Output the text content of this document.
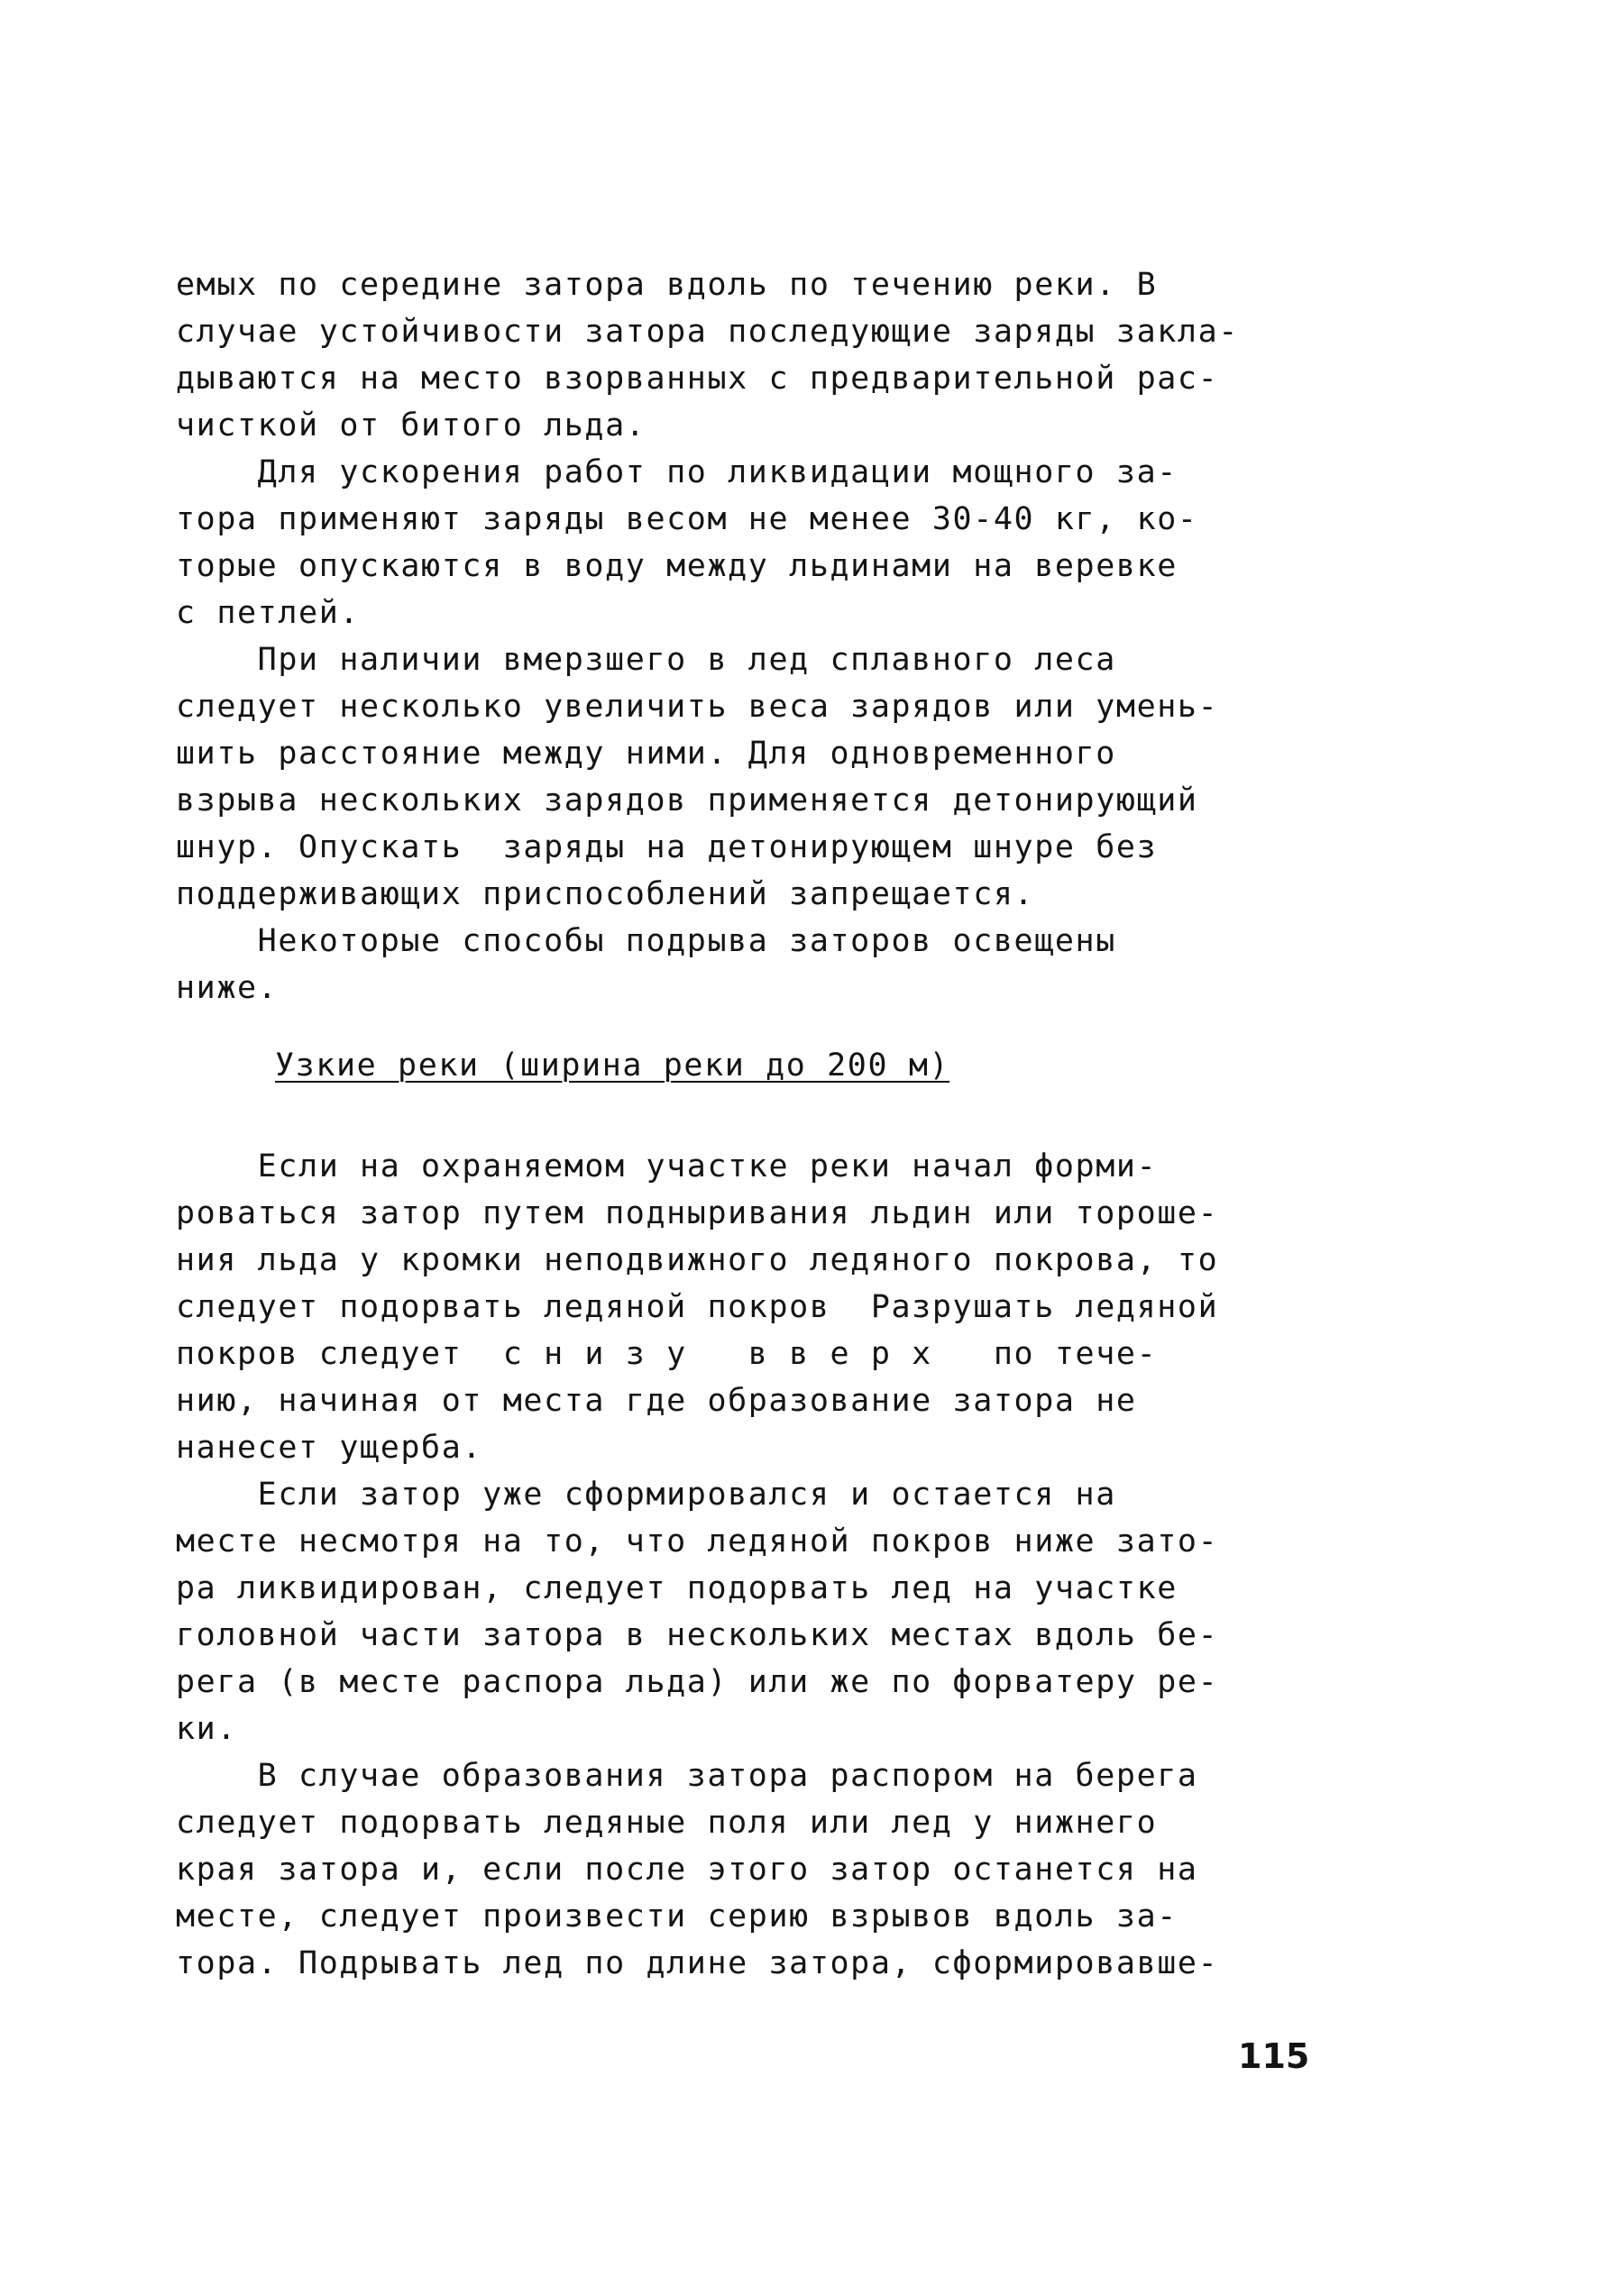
емых по середине затора вдоль по течению реки. В
случае устойчивости затора последующие заряды закла-
дываются на место взорванных с предварительной рас-
чисткой от битого льда.
Для ускорения работ по ликвидации мощного за-
тора применяют заряды весом не менее 30-40 кг, ко-
торые опускаются в воду между льдинами на веревке
с петлей.
При наличии вмерзшего в лед сплавного леса
следует несколько увеличить веса зарядов или умень-
шить расстояние между ними. Для одновременного
взрыва нескольких зарядов применяется детонирующий
шнур. Опускать  заряды на детонирующем шнуре без
поддерживающих приспособлений запрещается.
Некоторые способы подрыва заторов освещены
ниже.
Узкие реки (ширина реки до 200 м)
Если на охраняемом участке реки начал форми-
роваться затор путем подныривания льдин или тороше-
ния льда у кромки неподвижного ледяного покрова, то
следует подорвать ледяной покров  Разрушать ледяной
покров следует  с н и з у   в в е р х   по тече-
нию, начиная от места где образование затора не
нанесет ущерба.
Если затор уже сформировался и остается на
месте несмотря на то, что ледяной покров ниже зато-
ра ликвидирован, следует подорвать лед на участке
головной части затора в нескольких местах вдоль бе-
рега (в месте распора льда) или же по форватеру ре-
ки.
В случае образования затора распором на берега
следует подорвать ледяные поля или лед у нижнего
края затора и, если после этого затор останется на
месте, следует произвести серию взрывов вдоль за-
тора. Подрывать лед по длине затора, сформировавше-
115
